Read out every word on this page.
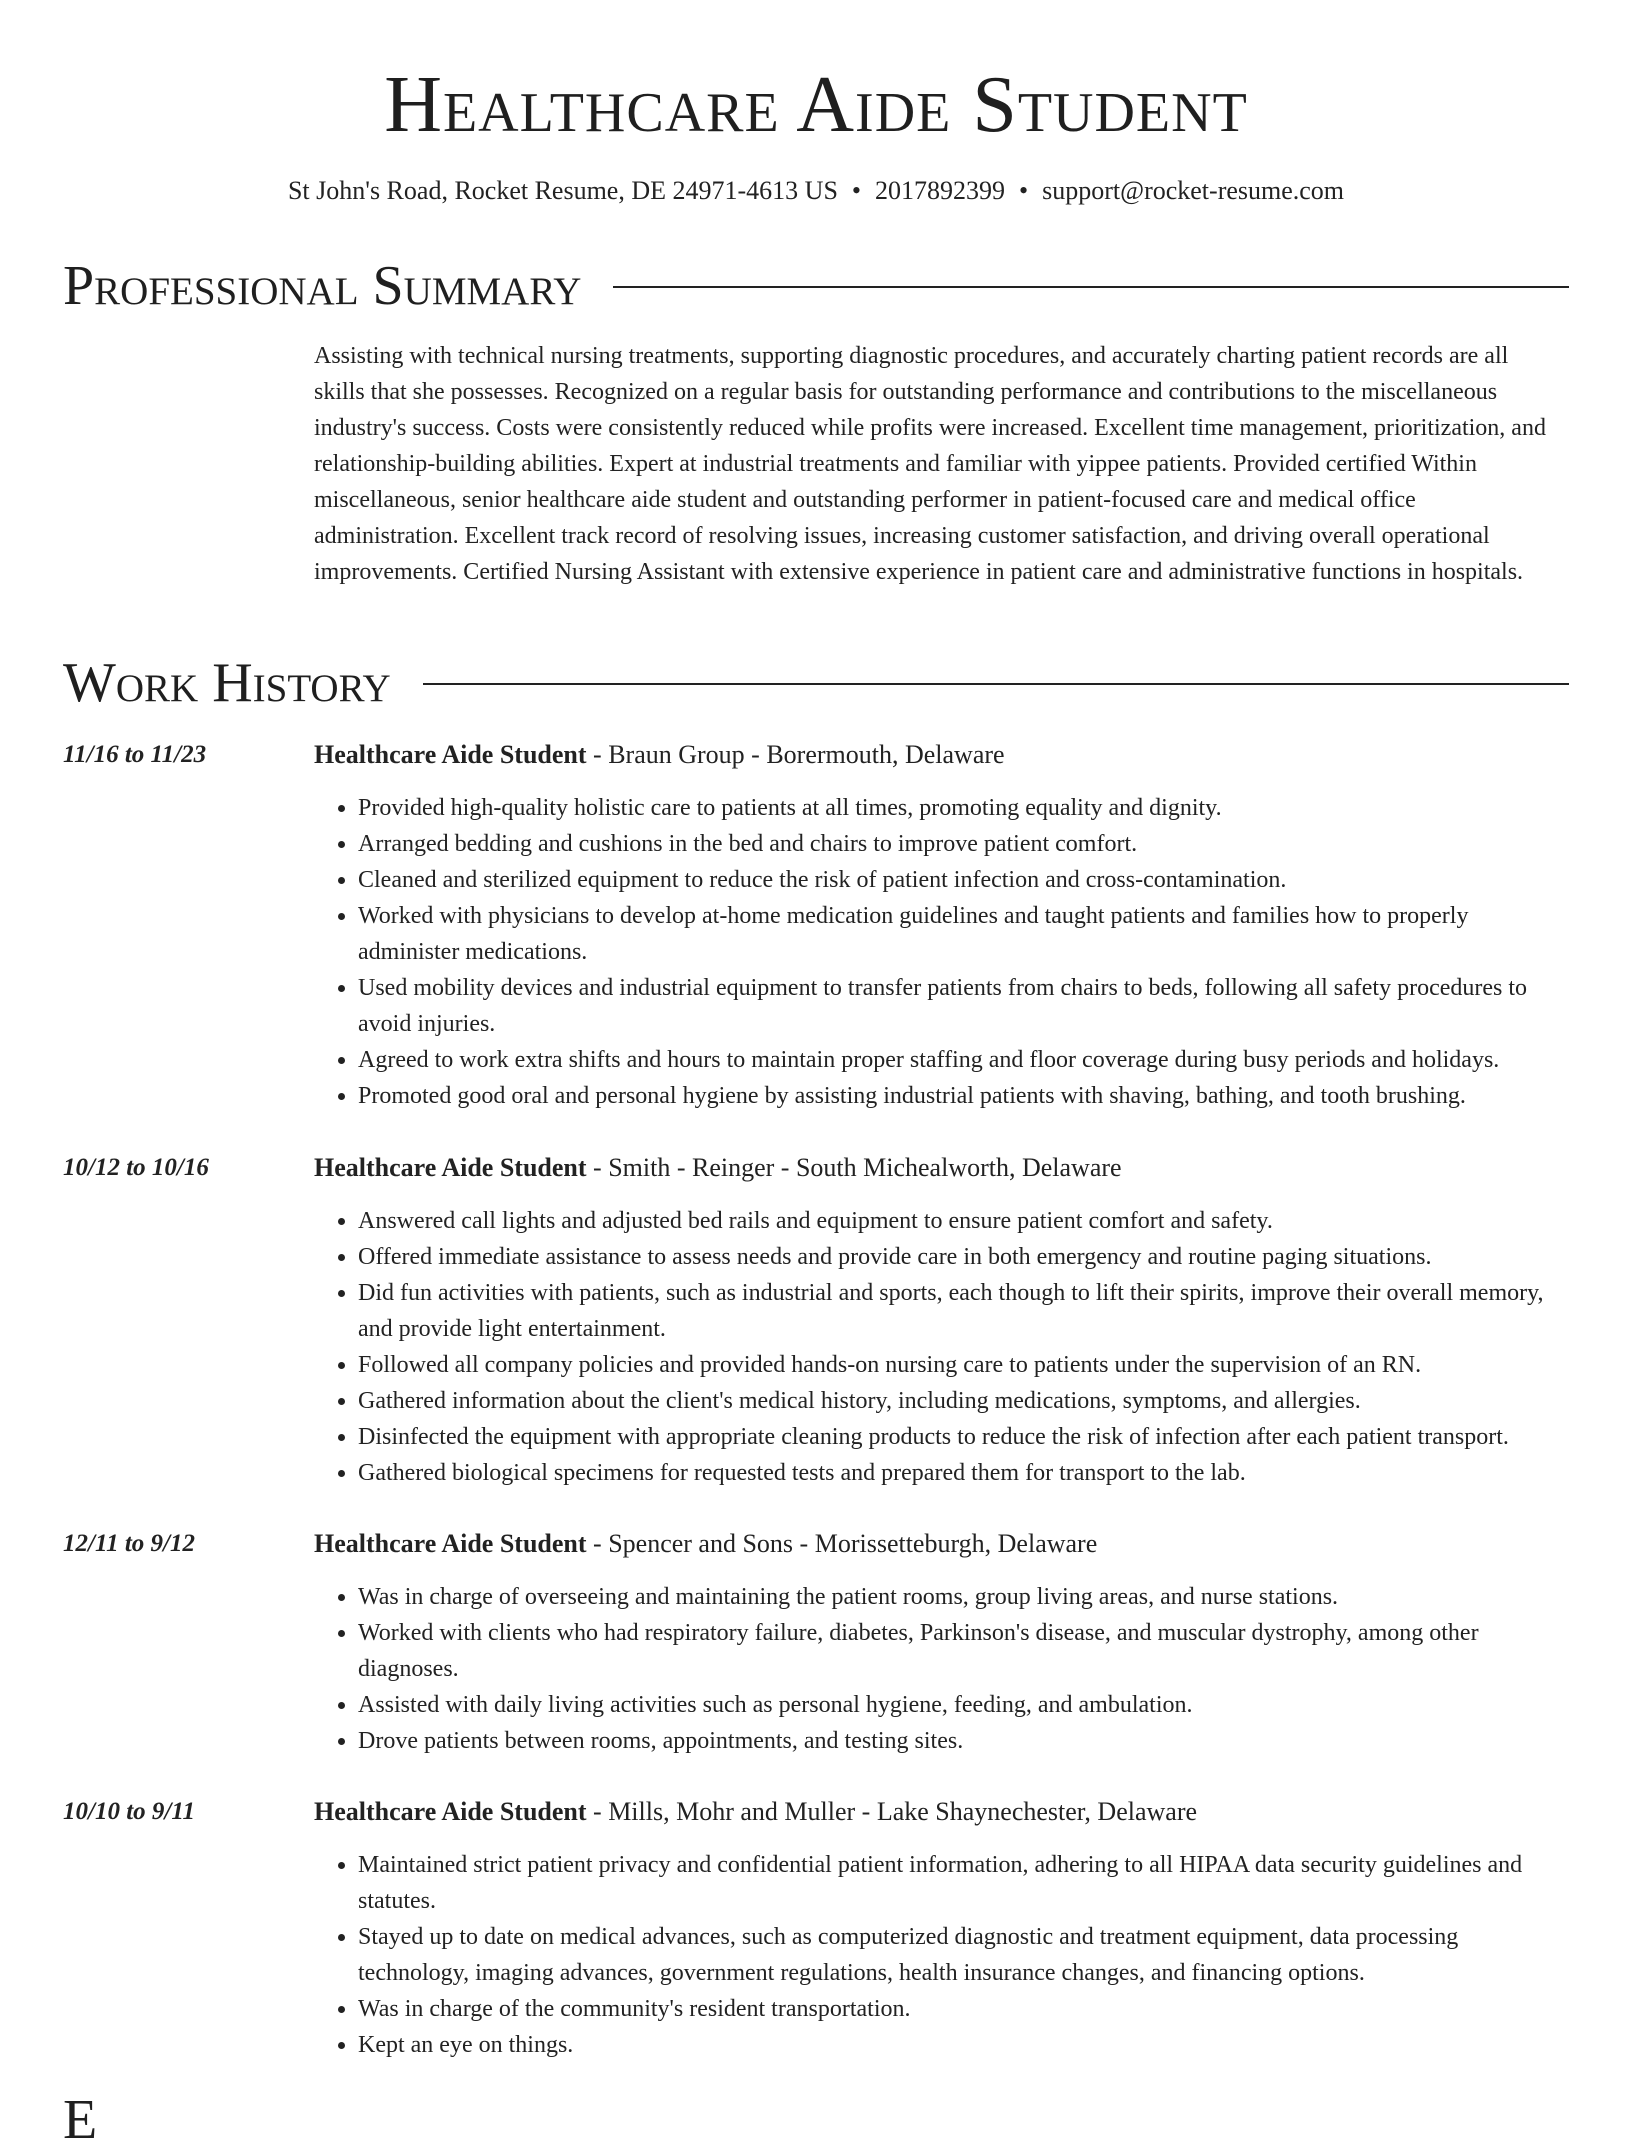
Healthcare Aide Student
St John's Road, Rocket Resume, DE 24971-4613 US • 2017892399 • support@rocket-resume.com
Professional Summary

Assisting with technical nursing treatments, supporting diagnostic procedures, and accurately charting patient records are all skills that she possesses. Recognized on a regular basis for outstanding performance and contributions to the miscellaneous industry's success. Costs were consistently reduced while profits were increased. Excellent time management, prioritization, and relationship-building abilities. Expert at industrial treatments and familiar with yippee patients. Provided certified Within miscellaneous, senior healthcare aide student and outstanding performer in patient-focused care and medical office administration. Excellent track record of resolving issues, increasing customer satisfaction, and driving overall operational improvements. Certified Nursing Assistant with extensive experience in patient care and administrative functions in hospitals.

Work History
11/16 to 11/23	Healthcare Aide Student - Braun Group - Borermouth, Delaware
• Provided high-quality holistic care to patients at all times, promoting equality and dignity.
• Arranged bedding and cushions in the bed and chairs to improve patient comfort.
• Cleaned and sterilized equipment to reduce the risk of patient infection and cross-contamination.
• Worked with physicians to develop at-home medication guidelines and taught patients and families how to properly administer medications.
• Used mobility devices and industrial equipment to transfer patients from chairs to beds, following all safety procedures to avoid injuries.
• Agreed to work extra shifts and hours to maintain proper staffing and floor coverage during busy periods and holidays.
• Promoted good oral and personal hygiene by assisting industrial patients with shaving, bathing, and tooth brushing.
10/12 to 10/16	Healthcare Aide Student - Smith - Reinger - South Michealworth, Delaware
• Answered call lights and adjusted bed rails and equipment to ensure patient comfort and safety.
• Offered immediate assistance to assess needs and provide care in both emergency and routine paging situations.
• Did fun activities with patients, such as industrial and sports, each though to lift their spirits, improve their overall memory, and provide light entertainment.
• Followed all company policies and provided hands-on nursing care to patients under the supervision of an RN.
• Gathered information about the client's medical history, including medications, symptoms, and allergies.
• Disinfected the equipment with appropriate cleaning products to reduce the risk of infection after each patient transport.
• Gathered biological specimens for requested tests and prepared them for transport to the lab.
12/11 to 9/12	Healthcare Aide Student - Spencer and Sons - Morissetteburgh, Delaware
• Was in charge of overseeing and maintaining the patient rooms, group living areas, and nurse stations.
• Worked with clients who had respiratory failure, diabetes, Parkinson's disease, and muscular dystrophy, among other diagnoses.
• Assisted with daily living activities such as personal hygiene, feeding, and ambulation.
• Drove patients between rooms, appointments, and testing sites.
10/10 to 9/11	Healthcare Aide Student - Mills, Mohr and Muller - Lake Shaynechester, Delaware
• Maintained strict patient privacy and confidential patient information, adhering to all HIPAA data security guidelines and statutes.
• Stayed up to date on medical advances, such as computerized diagnostic and treatment equipment, data processing technology, imaging advances, government regulations, health insurance changes, and financing options.
• Was in charge of the community's resident transportation.
• Kept an eye on things.
E
